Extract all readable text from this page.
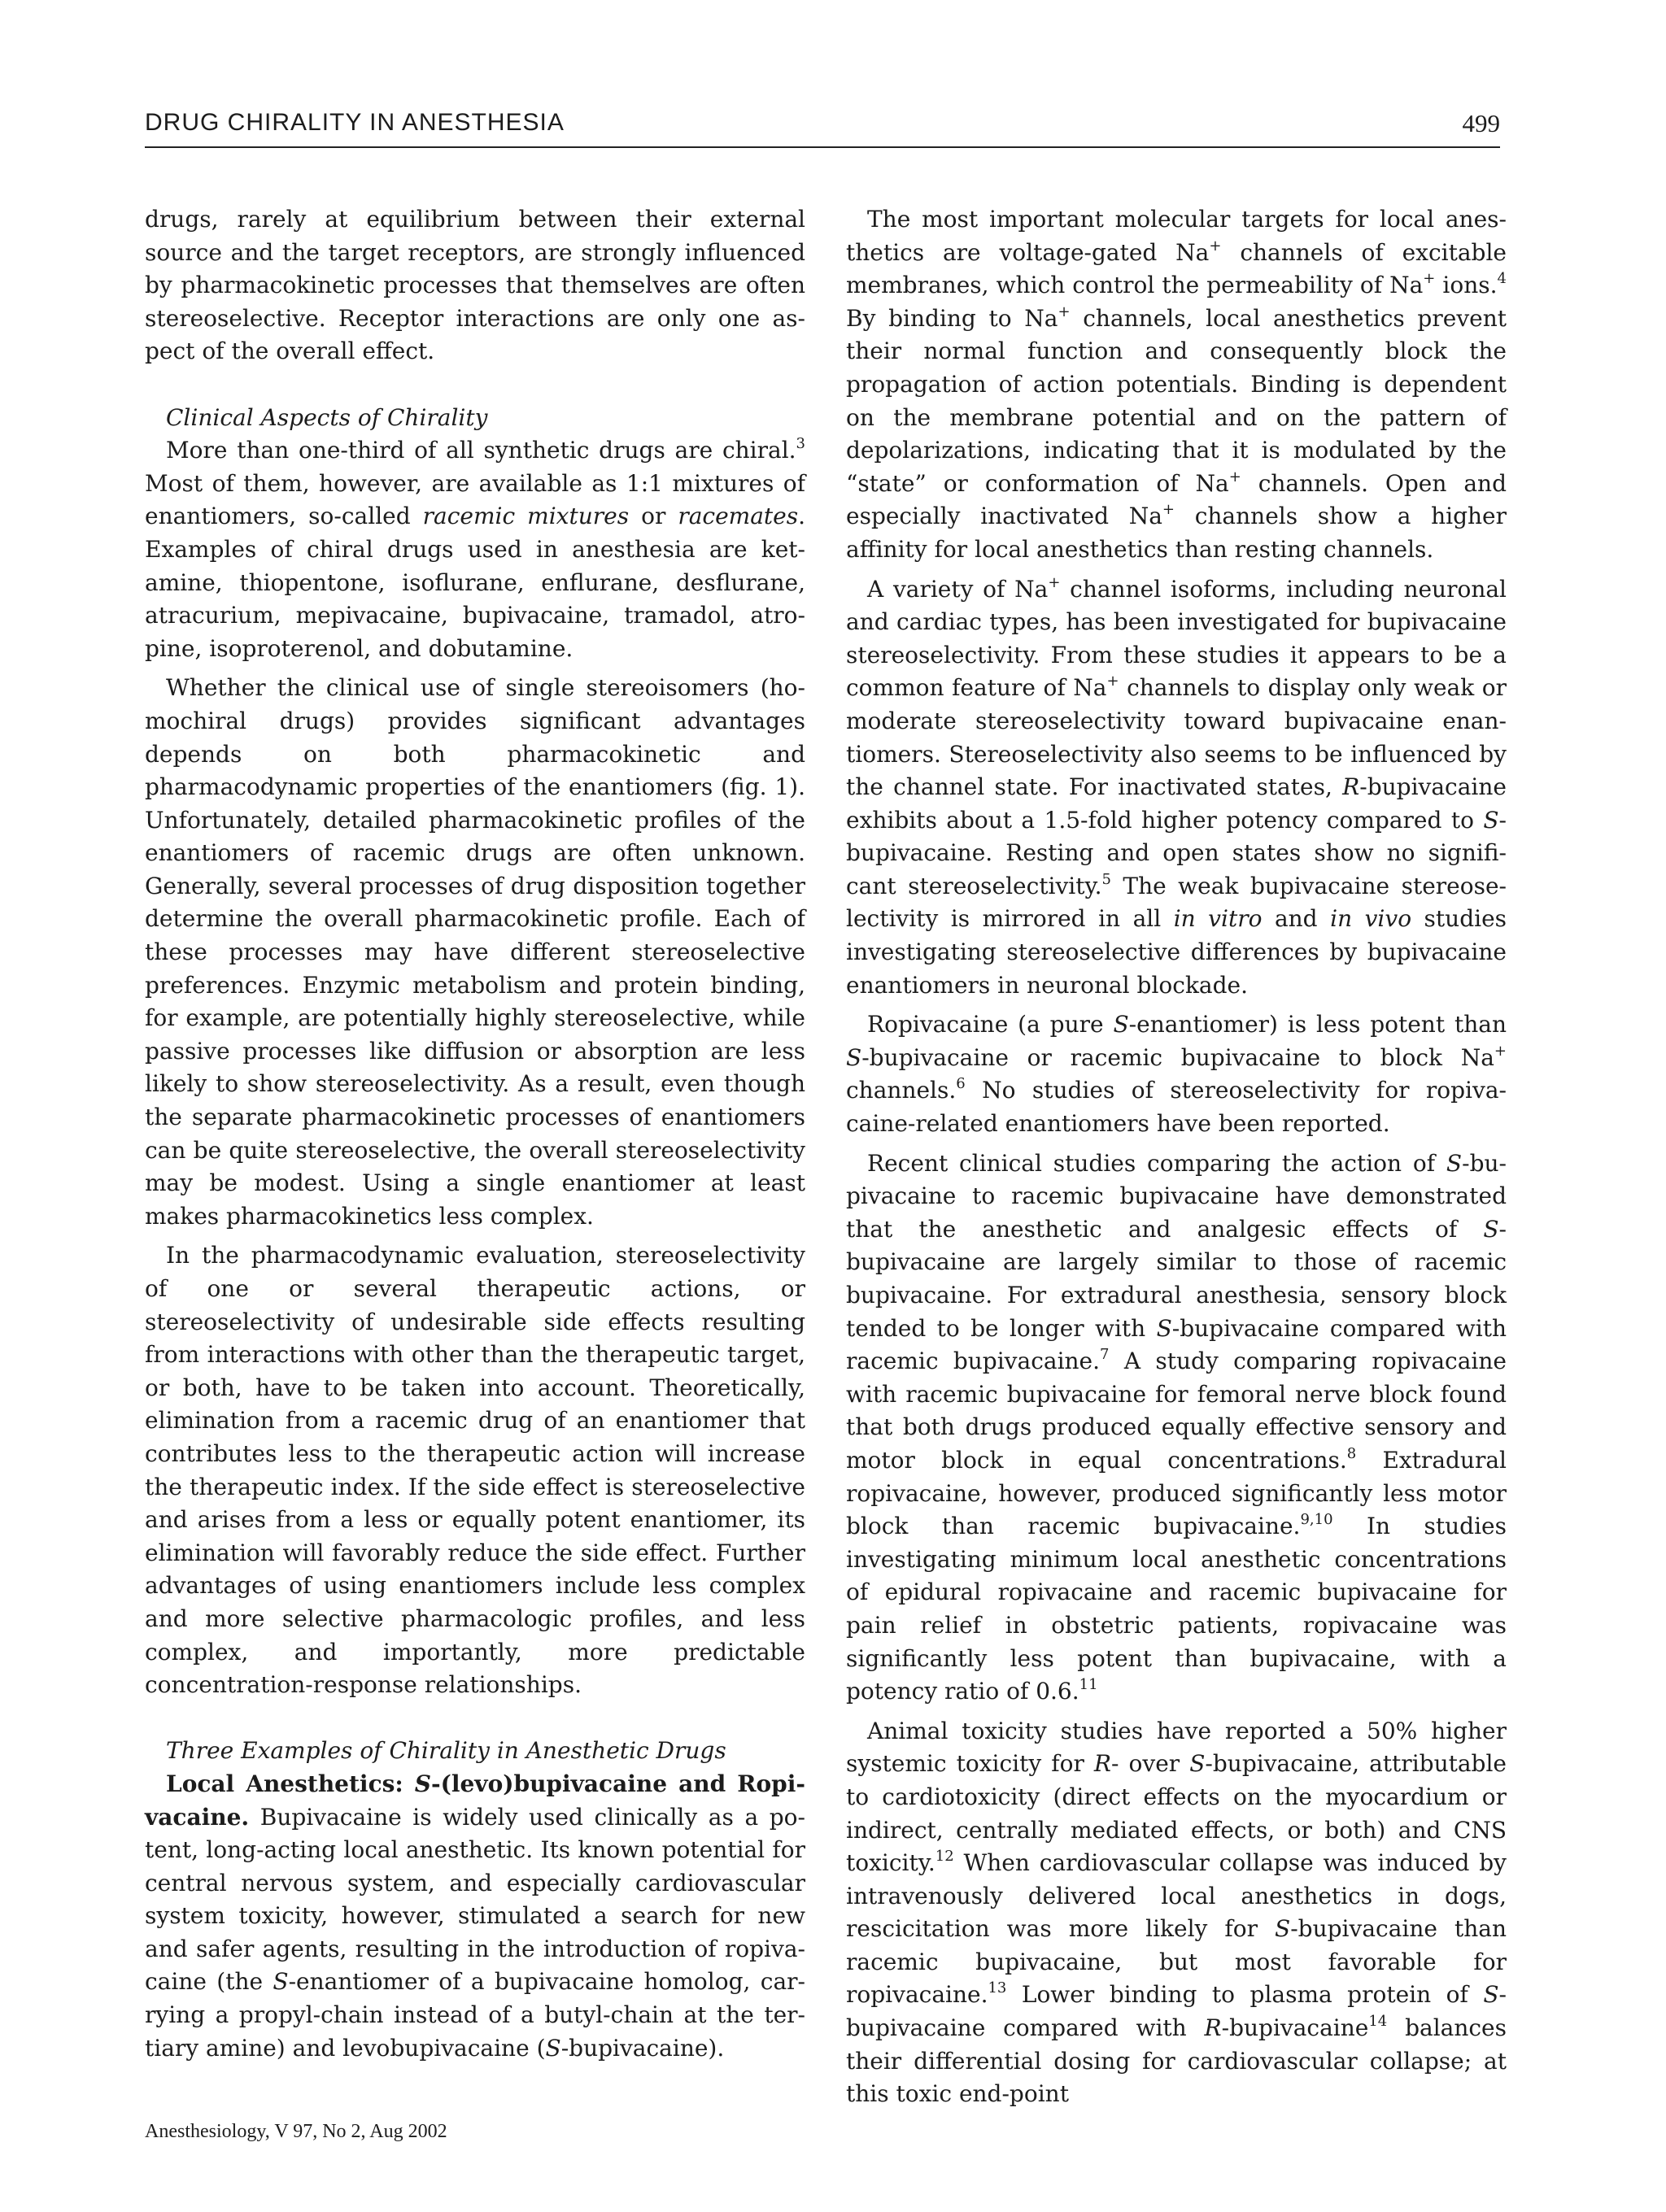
DRUG CHIRALITY IN ANESTHESIA	499

drugs, rarely at equilibrium between their external source and the target receptors, are strongly influenced by pharmacokinetic processes that themselves are often stereoselective. Receptor interactions are only one aspect of the overall effect.

Clinical Aspects of Chirality

More than one-third of all synthetic drugs are chiral.$^3$ Most of them, however, are available as 1:1 mixtures of enantiomers, so-called racemic mixtures or racemates. Examples of chiral drugs used in anesthesia are ketamine, thiopentone, isoflurane, enflurane, desflurane, atracurium, mepivacaine, bupivacaine, tramadol, atropine, isoproterenol, and dobutamine.

Whether the clinical use of single stereoisomers (homochiral drugs) provides significant advantages depends on both pharmacokinetic and pharmacodynamic properties of the enantiomers (fig. 1). Unfortunately, detailed pharmacokinetic profiles of the enantiomers of racemic drugs are often unknown. Generally, several processes of drug disposition together determine the overall pharmacokinetic profile. Each of these processes may have different stereoselective preferences. Enzymic metabolism and protein binding, for example, are potentially highly stereoselective, while passive processes like diffusion or absorption are less likely to show stereoselectivity. As a result, even though the separate pharmacokinetic processes of enantiomers can be quite stereoselective, the overall stereoselectivity may be modest. Using a single enantiomer at least makes pharmacokinetics less complex.

In the pharmacodynamic evaluation, stereoselectivity of one or several therapeutic actions, or stereoselectivity of undesirable side effects resulting from interactions with other than the therapeutic target, or both, have to be taken into account. Theoretically, elimination from a racemic drug of an enantiomer that contributes less to the therapeutic action will increase the therapeutic index. If the side effect is stereoselective and arises from a less or equally potent enantiomer, its elimination will favorably reduce the side effect. Further advantages of using enantiomers include less complex and more selective pharmacologic profiles, and less complex, and importantly, more predictable concentration-response relationships.

Three Examples of Chirality in Anesthetic Drugs

Local Anesthetics: S-(levo)bupivacaine and Ropivacaine. Bupivacaine is widely used clinically as a potent, long-acting local anesthetic. Its known potential for central nervous system, and especially cardiovascular system toxicity, however, stimulated a search for new and safer agents, resulting in the introduction of ropivacaine (the S-enantiomer of a bupivacaine homolog, carrying a propyl-chain instead of a butyl-chain at the tertiary amine) and levobupivacaine (S-bupivacaine).

The most important molecular targets for local anesthetics are voltage-gated Na+ channels of excitable membranes, which control the permeability of Na+ ions.$^4$ By binding to Na+ channels, local anesthetics prevent their normal function and consequently block the propagation of action potentials. Binding is dependent on the membrane potential and on the pattern of depolarizations, indicating that it is modulated by the “state” or conformation of Na+ channels. Open and especially inactivated Na+ channels show a higher affinity for local anesthetics than resting channels.

A variety of Na+ channel isoforms, including neuronal and cardiac types, has been investigated for bupivacaine stereoselectivity. From these studies it appears to be a common feature of Na+ channels to display only weak or moderate stereoselectivity toward bupivacaine enantiomers. Stereoselectivity also seems to be influenced by the channel state. For inactivated states, R-bupivacaine exhibits about a 1.5-fold higher potency compared to S-bupivacaine. Resting and open states show no significant stereoselectivity.$^5$ The weak bupivacaine stereoselectivity is mirrored in all in vitro and in vivo studies investigating stereoselective differences by bupivacaine enantiomers in neuronal blockade.

Ropivacaine (a pure S-enantiomer) is less potent than S-bupivacaine or racemic bupivacaine to block Na+ channels.$^6$ No studies of stereoselectivity for ropivacaine-related enantiomers have been reported.

Recent clinical studies comparing the action of S-bupivacaine to racemic bupivacaine have demonstrated that the anesthetic and analgesic effects of S-bupivacaine are largely similar to those of racemic bupivacaine. For extradural anesthesia, sensory block tended to be longer with S-bupivacaine compared with racemic bupivacaine.$^7$ A study comparing ropivacaine with racemic bupivacaine for femoral nerve block found that both drugs produced equally effective sensory and motor block in equal concentrations.$^8$ Extradural ropivacaine, however, produced significantly less motor block than racemic bupivacaine.$^{9,10}$ In studies investigating minimum local anesthetic concentrations of epidural ropivacaine and racemic bupivacaine for pain relief in obstetric patients, ropivacaine was significantly less potent than bupivacaine, with a potency ratio of 0.6.11

Animal toxicity studies have reported a 50% higher systemic toxicity for R- over S-bupivacaine, attributable to cardiotoxicity (direct effects on the myocardium or indirect, centrally mediated effects, or both) and CNS toxicity.$^{12}$ When cardiovascular collapse was induced by intravenously delivered local anesthetics in dogs, rescicitation was more likely for S-bupivacaine than racemic bupivacaine, but most favorable for ropivacaine.$^{13}$ Lower binding to plasma protein of S-bupivacaine compared with R-bupivacaine$^{14}$ balances their differential dosing for cardiovascular collapse; at this toxic end-point

Anesthesiology, V 97, No 2, Aug 2002
